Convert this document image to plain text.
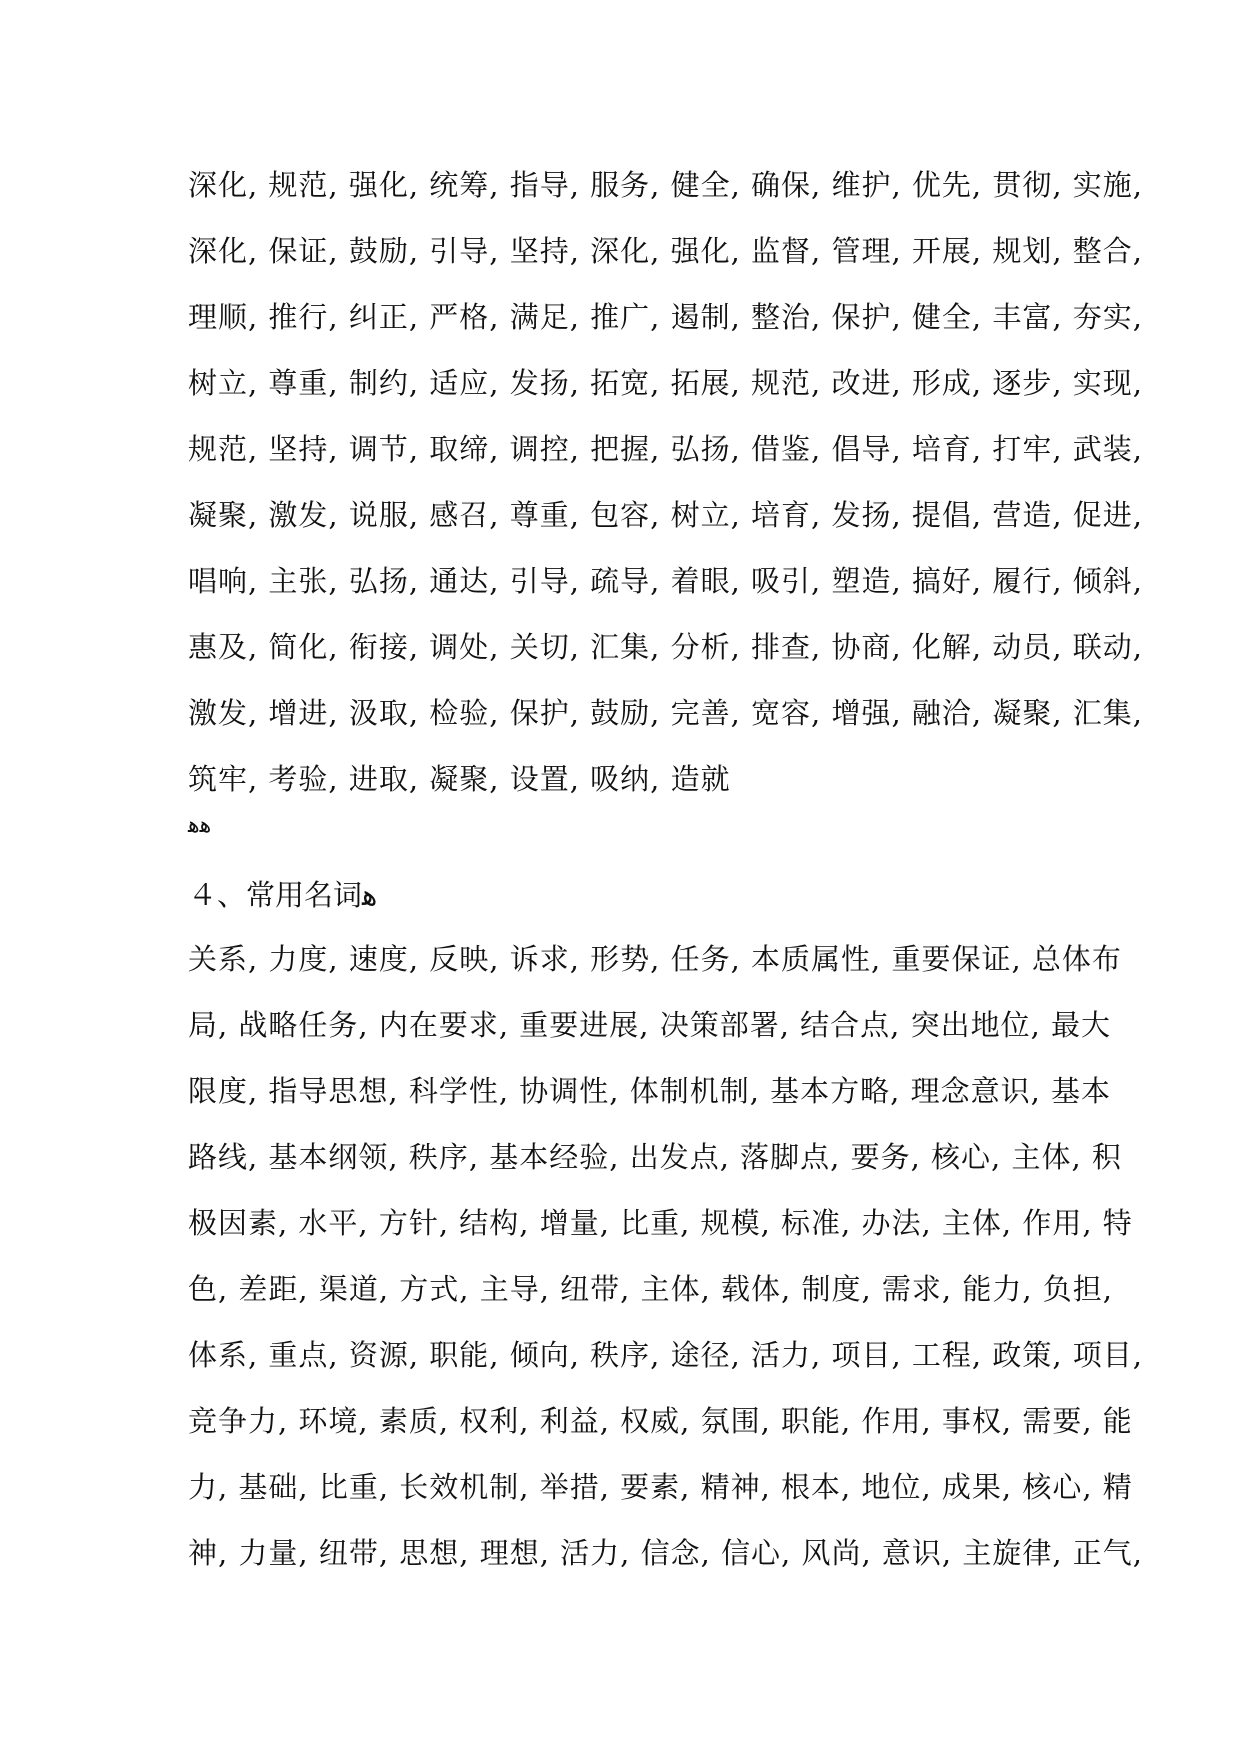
深化, 规范, 强化, 统筹, 指导, 服务, 健全, 确保, 维护, 优先, 贯彻, 实施,
深化, 保证, 鼓励, 引导, 坚持, 深化, 强化, 监督, 管理, 开展, 规划, 整合,
理顺, 推行, 纠正, 严格, 满足, 推广, 遏制, 整治, 保护, 健全, 丰富, 夯实,
树立, 尊重, 制约, 适应, 发扬, 拓宽, 拓展, 规范, 改进, 形成, 逐步, 实现,
规范, 坚持, 调节, 取缔, 调控, 把握, 弘扬, 借鉴, 倡导, 培育, 打牢, 武装,
凝聚, 激发, 说服, 感召, 尊重, 包容, 树立, 培育, 发扬, 提倡, 营造, 促进,
唱响, 主张, 弘扬, 通达, 引导, 疏导, 着眼, 吸引, 塑造, 搞好, 履行, 倾斜,
惠及, 简化, 衔接, 调处, 关切, 汇集, 分析, 排查, 协商, 化解, 动员, 联动,
激发, 增进, 汲取, 检验, 保护, 鼓励, 完善, 宽容, 增强, 融洽, 凝聚, 汇集,
筑牢, 考验, 进取, 凝聚, 设置, 吸纳, 造就
ﻫﻫ
４、常用名词ﻫ
关系, 力度, 速度, 反映, 诉求, 形势, 任务, 本质属性, 重要保证, 总体布
局, 战略任务, 内在要求, 重要进展, 决策部署, 结合点, 突出地位, 最大
限度, 指导思想, 科学性, 协调性, 体制机制, 基本方略, 理念意识, 基本
路线, 基本纲领, 秩序, 基本经验, 出发点, 落脚点, 要务, 核心, 主体, 积
极因素, 水平, 方针, 结构, 增量, 比重, 规模, 标准, 办法, 主体, 作用, 特
色, 差距, 渠道, 方式, 主导, 纽带, 主体, 载体, 制度, 需求, 能力, 负担,
体系, 重点, 资源, 职能, 倾向, 秩序, 途径, 活力, 项目, 工程, 政策, 项目,
竞争力, 环境, 素质, 权利, 利益, 权威, 氛围, 职能, 作用, 事权, 需要, 能
力, 基础, 比重, 长效机制, 举措, 要素, 精神, 根本, 地位, 成果, 核心, 精
神, 力量, 纽带, 思想, 理想, 活力, 信念, 信心, 风尚, 意识, 主旋律, 正气,
